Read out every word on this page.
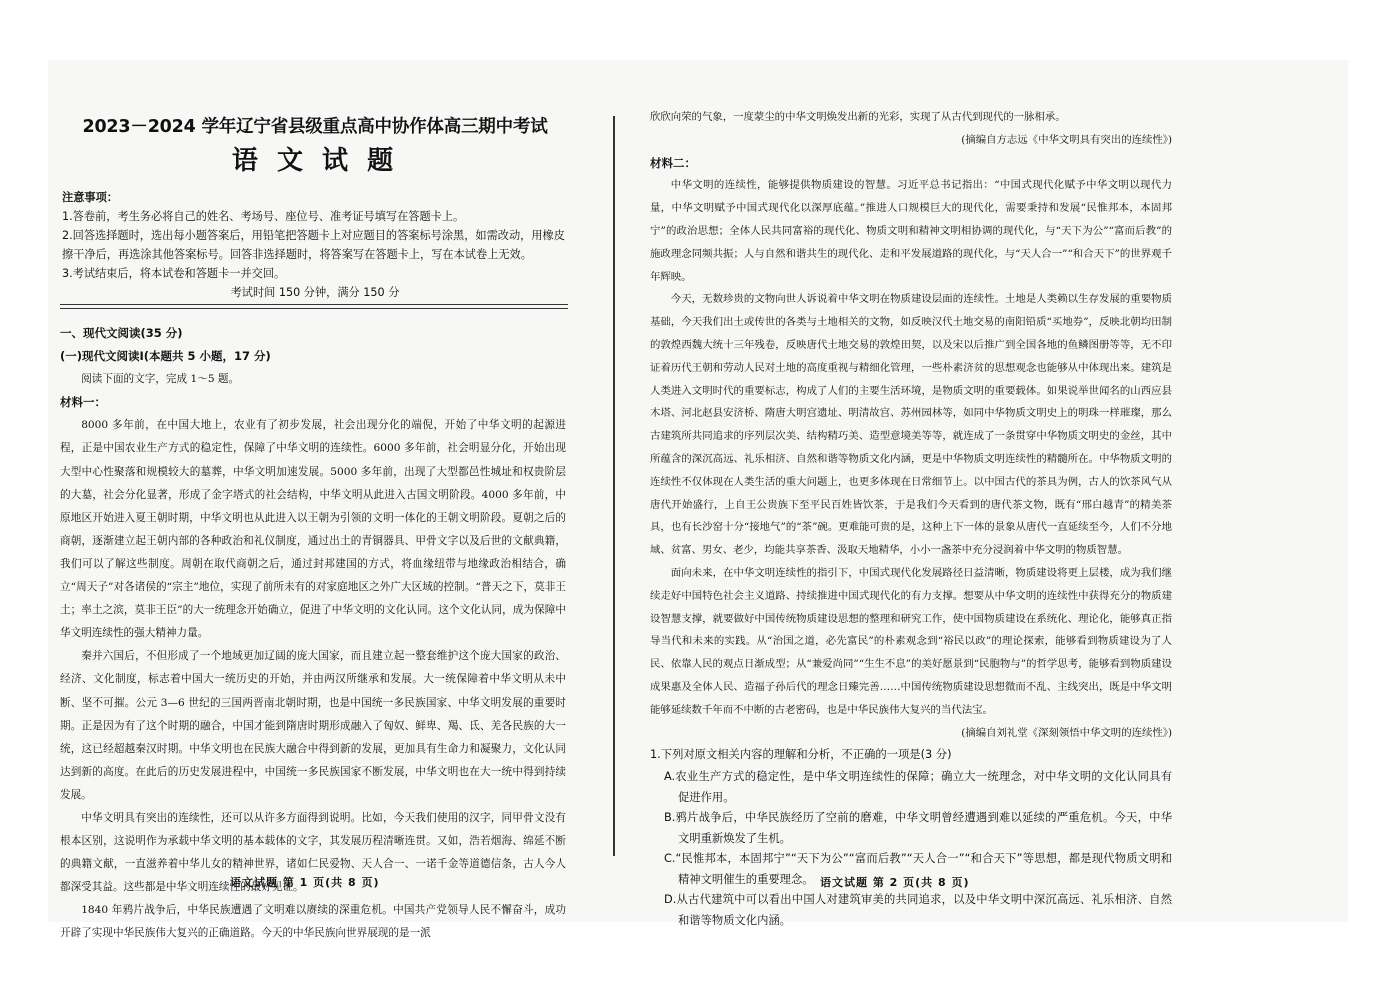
2023－2024 学年辽宁省县级重点高中协作体高三期中考试
语 文 试 题
注意事项：
1.答卷前，考生务必将自己的姓名、考场号、座位号、准考证号填写在答题卡上。
2.回答选择题时，选出每小题答案后，用铅笔把答题卡上对应题目的答案标号涂黑，如需改动，用橡皮擦干净后，再选涂其他答案标号。回答非选择题时，将答案写在答题卡上，写在本试卷上无效。
3.考试结束后，将本试卷和答题卡一并交回。
考试时间 150 分钟，满分 150 分
一、现代文阅读(35 分)
(一)现代文阅读Ⅰ(本题共 5 小题，17 分)

阅读下面的文字，完成 1～5 题。

材料一：

8000 多年前，在中国大地上，农业有了初步发展，社会出现分化的端倪，开始了中华文明的起源进程，正是中国农业生产方式的稳定性，保障了中华文明的连续性。6000 多年前，社会明显分化，开始出现大型中心性聚落和规模较大的墓葬，中华文明加速发展。5000 多年前，出现了大型都邑性城址和权贵阶层的大墓，社会分化显著，形成了金字塔式的社会结构，中华文明从此进入古国文明阶段。4000 多年前，中原地区开始进入夏王朝时期，中华文明也从此进入以王朝为引领的文明一体化的王朝文明阶段。夏朝之后的商朝，逐渐建立起王朝内部的各种政治和礼仪制度，通过出土的青铜器具、甲骨文字以及后世的文献典籍，我们可以了解这些制度。周朝在取代商朝之后，通过封邦建国的方式，将血缘纽带与地缘政治相结合，确立“周天子”对各诸侯的“宗主”地位，实现了前所未有的对家庭地区之外广大区域的控制。“普天之下，莫非王土；率土之滨，莫非王臣”的大一统理念开始确立，促进了中华文明的文化认同。这个文化认同，成为保障中华文明连续性的强大精神力量。

秦并六国后，不但形成了一个地域更加辽阔的庞大国家，而且建立起一整套维护这个庞大国家的政治、经济、文化制度，标志着中国大一统历史的开始，并由两汉所继承和发展。大一统保障着中华文明从未中断、坚不可摧。公元 3—6 世纪的三国两晋南北朝时期，也是中国统一多民族国家、中华文明发展的重要时期。正是因为有了这个时期的融合，中国才能到隋唐时期形成融入了匈奴、鲜卑、羯、氐、羌各民族的大一统，这已经超越秦汉时期。中华文明也在民族大融合中得到新的发展，更加具有生命力和凝聚力，文化认同达到新的高度。在此后的历史发展进程中，中国统一多民族国家不断发展，中华文明也在大一统中得到持续发展。

中华文明具有突出的连续性，还可以从许多方面得到说明。比如，今天我们使用的汉字，同甲骨文没有根本区别，这说明作为承载中华文明的基本载体的文字，其发展历程清晰连贯。又如，浩若烟海、绵延不断的典籍文献，一直滋养着中华儿女的精神世界，诸如仁民爱物、天人合一、一诺千金等道德信条，古人今人都深受其益。这些都是中华文明连续性的最好见证。

1840 年鸦片战争后，中华民族遭遇了文明难以赓续的深重危机。中国共产党领导人民不懈奋斗，成功开辟了实现中华民族伟大复兴的正确道路。今天的中华民族向世界展现的是一派

欣欣向荣的气象，一度蒙尘的中华文明焕发出新的光彩，实现了从古代到现代的一脉相承。

(摘编自方志远《中华文明具有突出的连续性》)

材料二：

中华文明的连续性，能够提供物质建设的智慧。习近平总书记指出：“中国式现代化赋予中华文明以现代力量，中华文明赋予中国式现代化以深厚底蕴。”推进人口规模巨大的现代化，需要秉持和发展“民惟邦本，本固邦宁”的政治思想；全体人民共同富裕的现代化、物质文明和精神文明相协调的现代化，与“天下为公”“富而后教”的施政理念同频共振；人与自然和谐共生的现代化、走和平发展道路的现代化，与“天人合一”“和合天下”的世界观千年辉映。

今天，无数珍贵的文物向世人诉说着中华文明在物质建设层面的连续性。土地是人类赖以生存发展的重要物质基础，今天我们出土或传世的各类与土地相关的文物，如反映汉代土地交易的南阳铅质“买地券”，反映北朝均田制的敦煌西魏大统十三年残卷，反映唐代土地交易的敦煌田契，以及宋以后推广到全国各地的鱼鳞图册等等，无不印证着历代王朝和劳动人民对土地的高度重视与精细化管理，一些朴素济贫的思想观念也能够从中体现出来。建筑是人类进入文明时代的重要标志，构成了人们的主要生活环境，是物质文明的重要载体。如果说举世闻名的山西应县木塔、河北赵县安济桥、隋唐大明宫遗址、明清故宫、苏州园林等，如同中华物质文明史上的明珠一样璀璨，那么古建筑所共同追求的序列层次美、结构精巧美、造型意境美等等，就连成了一条贯穿中华物质文明史的金丝，其中所蕴含的深沉高远、礼乐相济、自然和谐等物质文化内涵，更是中华物质文明连续性的精髓所在。中华物质文明的连续性不仅体现在人类生活的重大问题上，也更多体现在日常细节上。以中国古代的茶具为例，古人的饮茶风气从唐代开始盛行，上自王公贵族下至平民百姓皆饮茶，于是我们今天看到的唐代茶文物，既有“邢白越青”的精美茶具，也有长沙窑十分“接地气”的“茶”碗。更难能可贵的是，这种上下一体的景象从唐代一直延续至今，人们不分地域、贫富、男女、老少，均能共享茶香、汲取天地精华，小小一盏茶中充分浸润着中华文明的物质智慧。

面向未来，在中华文明连续性的指引下，中国式现代化发展路径日益清晰，物质建设将更上层楼，成为我们继续走好中国特色社会主义道路、持续推进中国式现代化的有力支撑。想要从中华文明的连续性中获得充分的物质建设智慧支撑，就要做好中国传统物质建设思想的整理和研究工作，使中国物质建设在系统化、理论化，能够真正指导当代和未来的实践。从“治国之道，必先富民”的朴素观念到“裕民以政”的理论探索，能够看到物质建设为了人民、依靠人民的观点日渐成型；从“兼爱尚同”“生生不息”的美好愿景到“民胞物与”的哲学思考，能够看到物质建设成果惠及全体人民、造福子孙后代的理念日臻完善……中国传统物质建设思想微而不乱、主线突出，既是中华文明能够延续数千年而不中断的古老密码，也是中华民族伟大复兴的当代法宝。

(摘编自刘礼堂《深刻领悟中华文明的连续性》)

1.下列对原文相关内容的理解和分析，不正确的一项是(3 分)

A.农业生产方式的稳定性，是中华文明连续性的保障；确立大一统理念，对中华文明的文化认同具有促进作用。

B.鸦片战争后，中华民族经历了空前的磨难，中华文明曾经遭遇到难以延续的严重危机。今天，中华文明重新焕发了生机。

C.“民惟邦本，本固邦宁”“天下为公”“富而后教”“天人合一”“和合天下”等思想，都是现代物质文明和精神文明催生的重要理念。

D.从古代建筑中可以看出中国人对建筑审美的共同追求，以及中华文明中深沉高远、礼乐相济、自然和谐等物质文化内涵。

语文试题 第 1 页(共 8 页)	语文试题 第 2 页(共 8 页)
